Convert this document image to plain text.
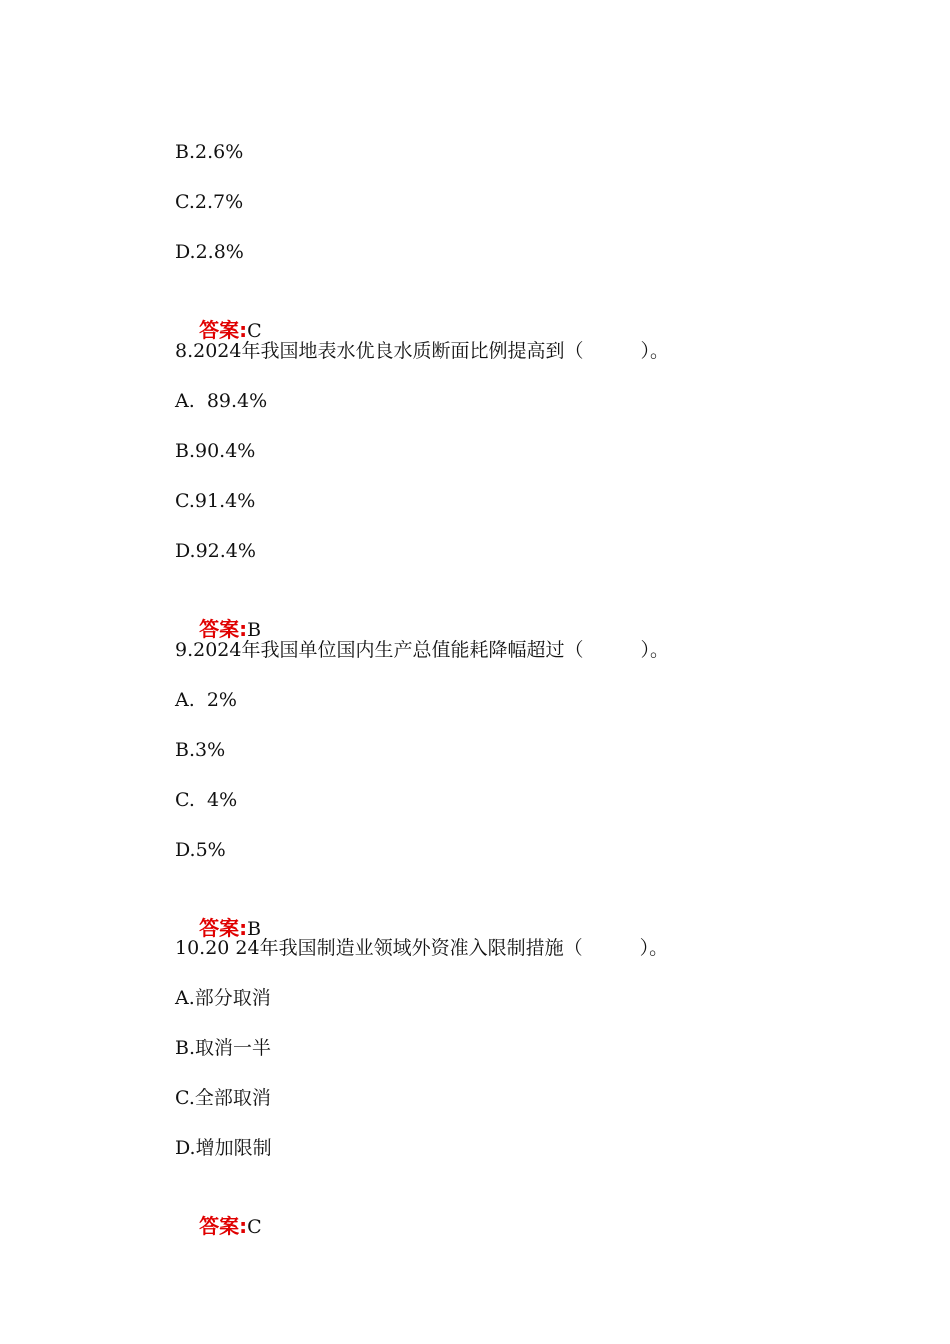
B.2.6%
C.2.7%
D.2.8%

答案:C

8.2024年我国地表水优良水质断面比例提高到（　　　）。
A.  89.4%
B.90.4%
C.91.4%
D.92.4%

答案:B

9.2024年我国单位国内生产总值能耗降幅超过（　　　）。
A.  2%
B.3%
C.  4%
D.5%

答案:B

10.20 24年我国制造业领域外资准入限制措施（　　　）。
A.部分取消
B.取消一半
C.全部取消
D.增加限制

答案:C
